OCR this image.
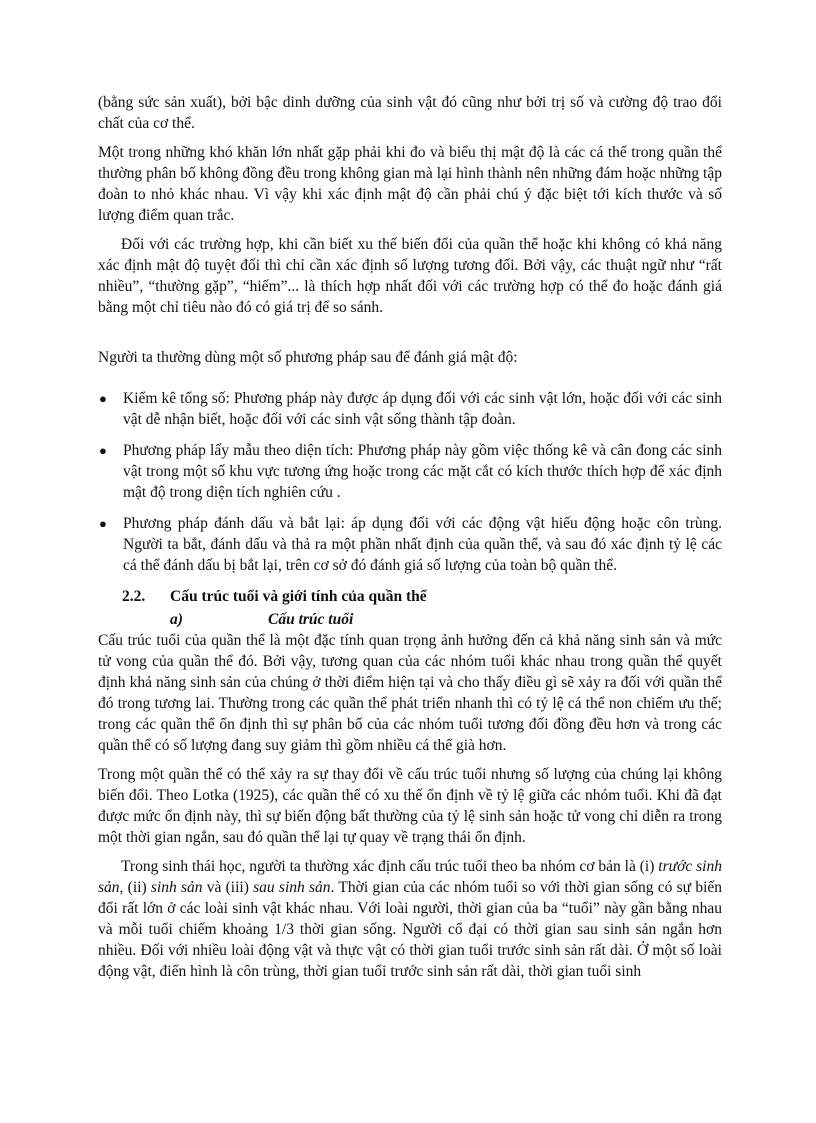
(bằng sức sản xuất), bởi bậc dinh dưỡng của sinh vật đó cũng như bởi trị số và cường độ trao đổi chất của cơ thể.

Một trong những khó khăn lớn nhất gặp phải khi đo và biểu thị mật độ là các cá thể trong quần thể thường phân bố không đồng đều trong không gian mà lại hình thành nên những đám hoặc những tập đoàn to nhỏ khác nhau. Vì vậy khi xác định mật độ cần phải chú ý đặc biệt tới kích thước và số lượng điểm quan trắc.

Đối với các trường hợp, khi cần biết xu thế biến đổi của quần thể hoặc khi không có khả năng xác định mật độ tuyệt đối thì chỉ cần xác định số lượng tương đối. Bởi vậy, các thuật ngữ như “rất nhiều”, “thường gặp”, “hiếm”... là thích hợp nhất đối với các trường hợp có thể đo hoặc đánh giá bằng một chỉ tiêu nào đó có giá trị để so sánh.

Người ta thường dùng một số phương pháp sau để đánh giá mật độ:

● Kiểm kê tổng số: Phương pháp này được áp dụng đối với các sinh vật lớn, hoặc đối với các sinh vật dễ nhận biết, hoặc đối với các sinh vật sống thành tập đoàn.
● Phương pháp lấy mẫu theo diện tích: Phương pháp này gồm việc thống kê và cân đong các sinh vật trong một số khu vực tương ứng hoặc trong các mặt cắt có kích thước thích hợp để xác định mật độ trong diện tích nghiên cứu .
● Phương pháp đánh dấu và bắt lại: áp dụng đối với các động vật hiếu động hoặc côn trùng. Người ta bắt, đánh dấu và thả ra một phần nhất định của quần thể, và sau đó xác định tỷ lệ các cá thể đánh dấu bị bắt lại, trên cơ sở đó đánh giá số lượng của toàn bộ quần thể.
2.2. Cấu trúc tuổi và giới tính của quần thể
a)	Cấu trúc tuổi

Cấu trúc tuổi của quần thể là một đặc tính quan trọng ảnh hưởng đến cả khả năng sinh sản và mức tử vong của quần thể đó. Bởi vậy, tương quan của các nhóm tuổi khác nhau trong quần thể quyết định khả năng sinh sản của chúng ở thời điểm hiện tại và cho thấy điều gì sẽ xảy ra đối với quần thể đó trong tương lai. Thường trong các quần thể phát triển nhanh thì có tỷ lệ cá thể non chiếm ưu thế; trong các quần thể ổn định thì sự phân bố của các nhóm tuổi tương đối đồng đều hơn và trong các quần thể có số lượng đang suy giảm thì gồm nhiều cá thể già hơn.

Trong một quần thể có thể xảy ra sự thay đổi về cấu trúc tuổi nhưng số lượng của chúng lại không biến đổi. Theo Lotka (1925), các quần thể có xu thế ổn định về tỷ lệ giữa các nhóm tuổi. Khi đã đạt được mức ổn định này, thì sự biến động bất thường của tỷ lệ sinh sản hoặc tử vong chỉ diễn ra trong một thời gian ngắn, sau đó quần thể lại tự quay về trạng thái ổn định.

Trong sinh thái học, người ta thường xác định cấu trúc tuổi theo ba nhóm cơ bản là (i) trước sinh sản, (ii) sinh sản và (iii) sau sinh sản. Thời gian của các nhóm tuổi so với thời gian sống có sự biến đổi rất lớn ở các loài sinh vật khác nhau. Với loài người, thời gian của ba “tuổi” này gần bằng nhau và mỗi tuổi chiếm khoảng 1/3 thời gian sống. Người cổ đại có thời gian sau sinh sản ngắn hơn nhiều. Đối với nhiều loài động vật và thực vật có thời gian tuổi trước sinh sản rất dài. Ở một số loài động vật, điển hình là côn trùng, thời gian tuổi trước sinh sản rất dài, thời gian tuổi sinh
